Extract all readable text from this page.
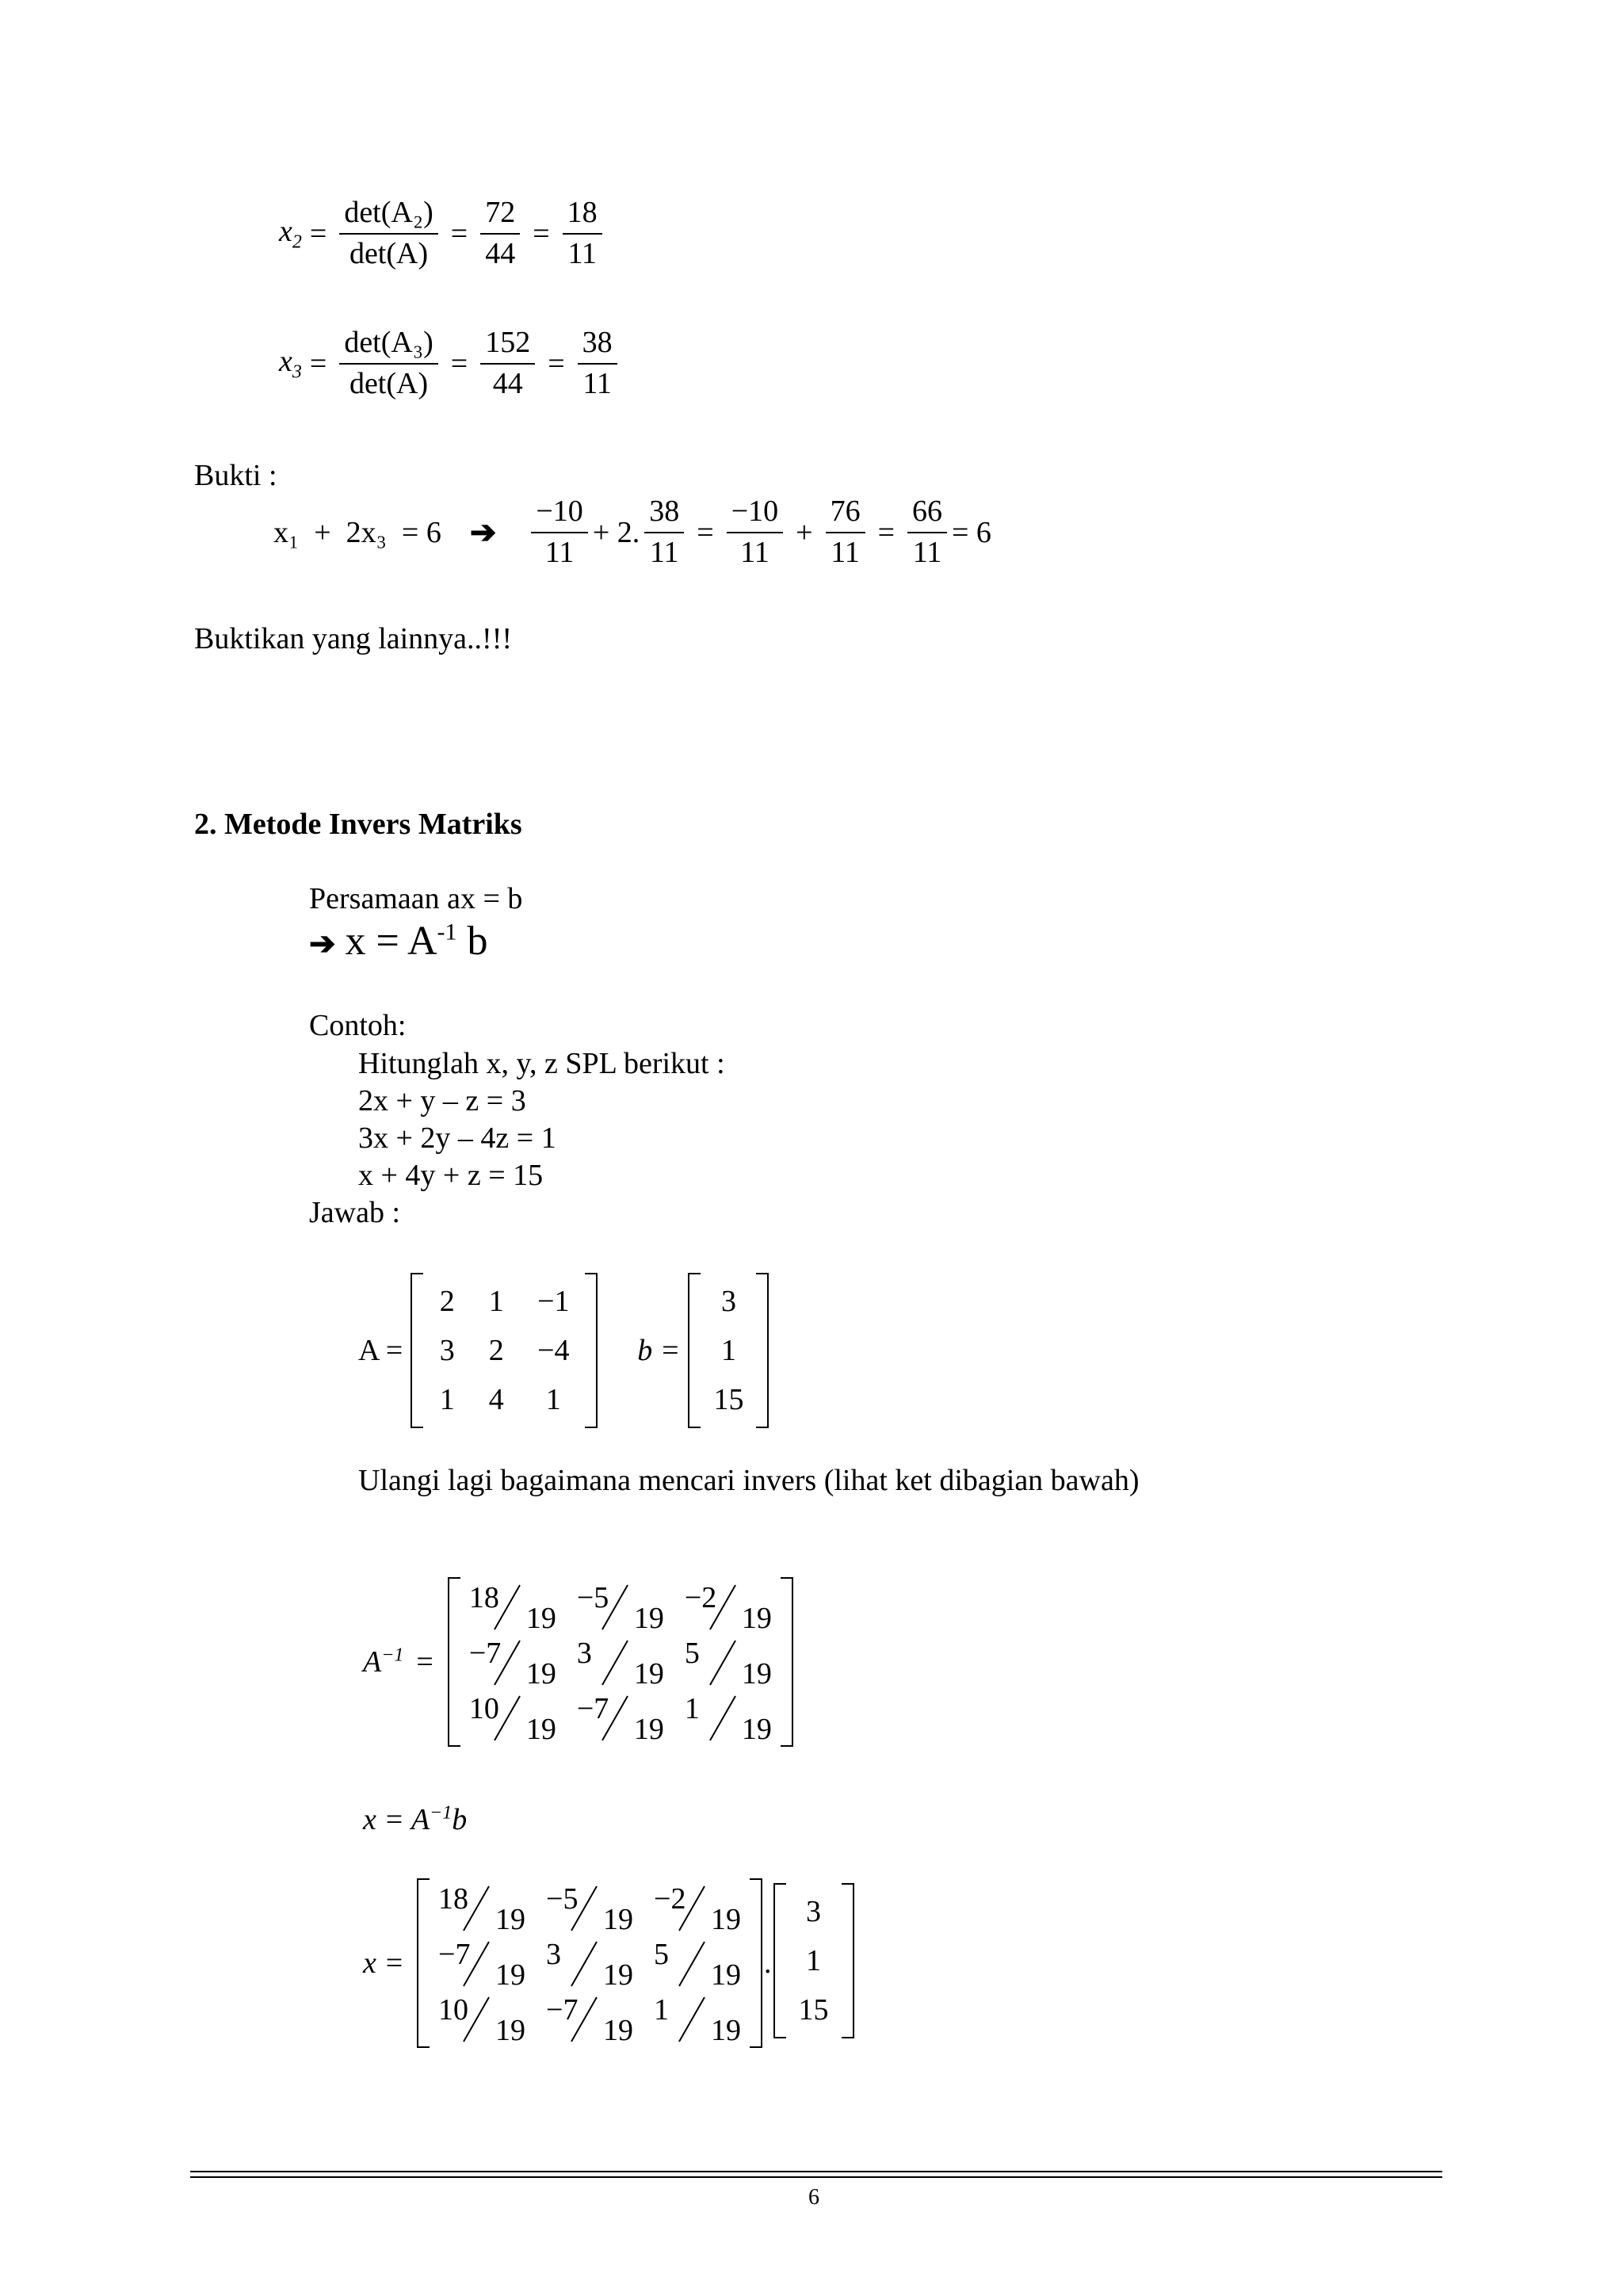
$x_2 = \frac{\text{det(A₂)}}{\det(A)} = \frac{72}{44} = \frac{18}{11}$
$x_3 = \frac{\text{det(A₃)}}{\det(A)} = \frac{152}{44} = \frac{38}{11}$
Bukti :
x₁  +  2x₃  = 6 ➔ $\frac{-10}{11} + 2$. $\frac{38}{11} = \frac{-10}{11} + \frac{76}{11} = \frac{66}{11} = 6$
Buktikan yang lainnya..!!!
2. Metode Invers Matriks
Persamaan ax = b
➔ $x = A^{-1}$ b
Contoh:
Hitunglah x, y, z SPL berikut :
2x + y – z = 3
3x + 2y – 4z = 1
x + 4y + z = 15
Jawab :
A =
2 1 −1
3 2 −4
1 4 1
b =
3
1
15
Ulangi lagi bagaimana mencari invers (lihat ket dibagian bawah)
$A^{-1}$ =
18
19
−5
19
−2
19
−7
19
3
19
5
19
10
19
−7
19
1
19
$x = A^{-1}b$
x =
18
19
−5
19
−2
19
−7
19
3
19
5
19
10
19
−7
19
1
19
.
3
1
15
6
